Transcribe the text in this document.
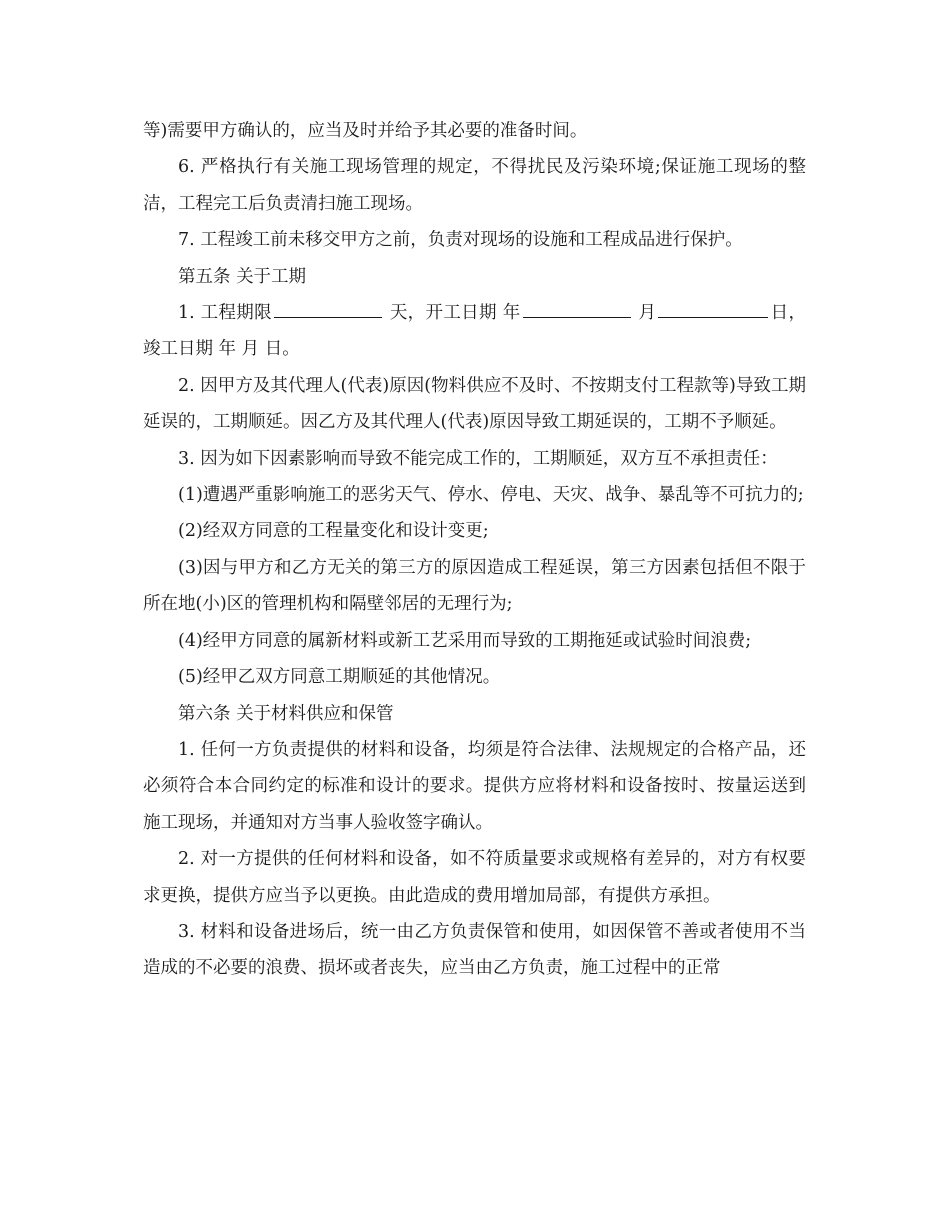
等)需要甲方确认的，应当及时并给予其必要的准备时间。

6. 严格执行有关施工现场管理的规定，不得扰民及污染环境;保证施工现场的整洁，工程完工后负责清扫施工现场。

7. 工程竣工前未移交甲方之前，负责对现场的设施和工程成品进行保护。

第五条 关于工期

1. 工程期限	天，开工日期 年	月	日，竣工日期 年 月 日。

2. 因甲方及其代理人(代表)原因(物料供应不及时、不按期支付工程款等)导致工期延误的，工期顺延。因乙方及其代理人(代表)原因导致工期延误的，工期不予顺延。

3. 因为如下因素影响而导致不能完成工作的，工期顺延，双方互不承担责任：

(1)遭遇严重影响施工的恶劣天气、停水、停电、天灾、战争、暴乱等不可抗力的;

(2)经双方同意的工程量变化和设计变更;

(3)因与甲方和乙方无关的第三方的原因造成工程延误，第三方因素包括但不限于所在地(小)区的管理机构和隔壁邻居的无理行为;

(4)经甲方同意的属新材料或新工艺采用而导致的工期拖延或试验时间浪费;

(5)经甲乙双方同意工期顺延的其他情况。

第六条 关于材料供应和保管

1. 任何一方负责提供的材料和设备，均须是符合法律、法规规定的合格产品，还必须符合本合同约定的标准和设计的要求。提供方应将材料和设备按时、按量运送到施工现场，并通知对方当事人验收签字确认。

2. 对一方提供的任何材料和设备，如不符质量要求或规格有差异的，对方有权要求更换，提供方应当予以更换。由此造成的费用增加局部，有提供方承担。

3. 材料和设备进场后，统一由乙方负责保管和使用，如因保管不善或者使用不当造成的不必要的浪费、损坏或者丧失，应当由乙方负责，施工过程中的正常
